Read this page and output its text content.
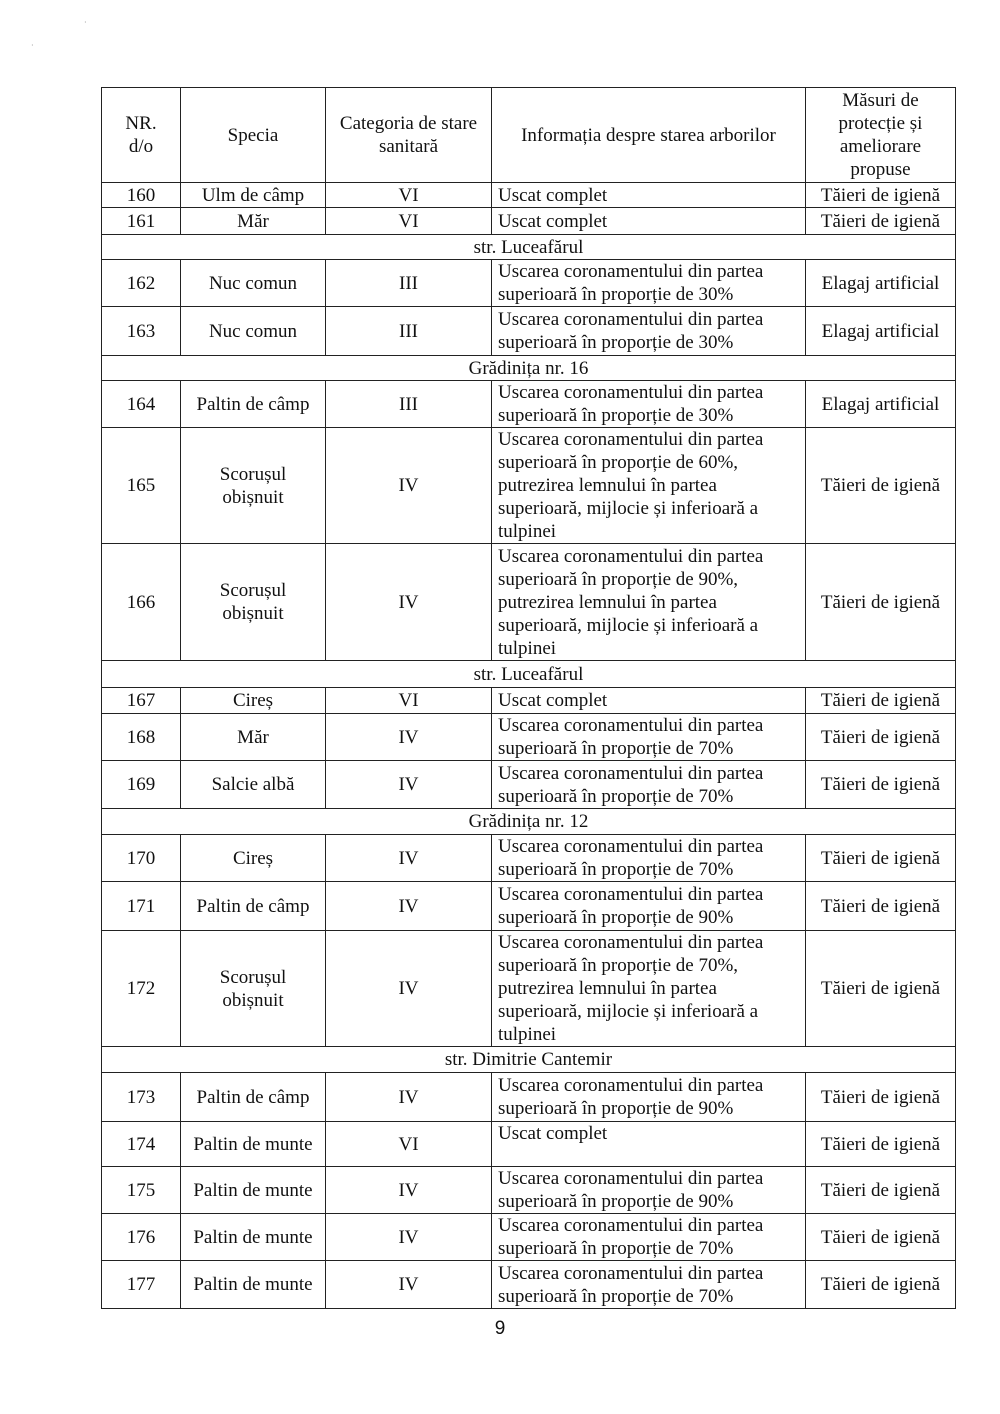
·
·
NR. d/o	Specia	Categoria de stare sanitară	Informația despre starea arborilor	Măsuri de protecție și ameliorare propuse
160	Ulm de câmp	VI	Uscat complet	Tăieri de igienă
161	Măr	VI	Uscat complet	Tăieri de igienă
str. Luceafărul				
162	Nuc comun	III	Uscarea coronamentului din partea superioară în proporție de 30%	Elagaj artificial
163	Nuc comun	III	Uscarea coronamentului din partea superioară în proporție de 30%	Elagaj artificial
Grădinița nr. 16				
164	Paltin de câmp	III	Uscarea coronamentului din partea superioară în proporție de 30%	Elagaj artificial
165	Scorușul obișnuit	IV	Uscarea coronamentului din partea superioară în proporție de 60%, putrezirea lemnului în partea superioară, mijlocie și inferioară a tulpinei	Tăieri de igienă
166	Scorușul obișnuit	IV	Uscarea coronamentului din partea superioară în proporție de 90%, putrezirea lemnului în partea superioară, mijlocie și inferioară a tulpinei	Tăieri de igienă
str. Luceafărul				
167	Cireș	VI	Uscat complet	Tăieri de igienă
168	Măr	IV	Uscarea coronamentului din partea superioară în proporție de 70%	Tăieri de igienă
169	Salcie albă	IV	Uscarea coronamentului din partea superioară în proporție de 70%	Tăieri de igienă
Grădinița nr. 12				
170	Cireș	IV	Uscarea coronamentului din partea superioară în proporție de 70%	Tăieri de igienă
171	Paltin de câmp	IV	Uscarea coronamentului din partea superioară în proporție de 90%	Tăieri de igienă
172	Scorușul obișnuit	IV	Uscarea coronamentului din partea superioară în proporție de 70%, putrezirea lemnului în partea superioară, mijlocie și inferioară a tulpinei	Tăieri de igienă
str. Dimitrie Cantemir				
173	Paltin de câmp	IV	Uscarea coronamentului din partea superioară în proporție de 90%	Tăieri de igienă
174	Paltin de munte	VI	Uscat complet	Tăieri de igienă
175	Paltin de munte	IV	Uscarea coronamentului din partea superioară în proporție de 90%	Tăieri de igienă
176	Paltin de munte	IV	Uscarea coronamentului din partea superioară în proporție de 70%	Tăieri de igienă
177	Paltin de munte	IV	Uscarea coronamentului din partea superioară în proporție de 70%	Tăieri de igienă
9
